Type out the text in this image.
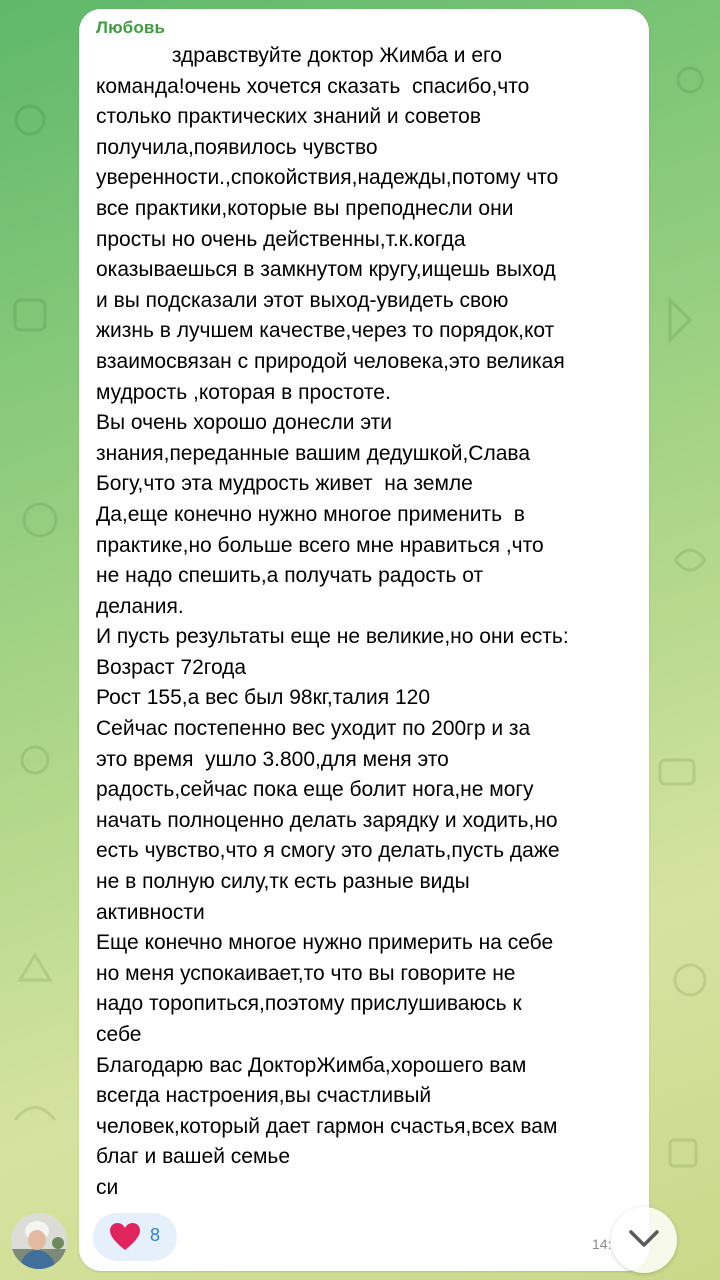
Любовь
здравствуйте доктор Жимба и его
команда!очень хочется сказать  спасибо,что
столько практических знаний и советов
получила,появилось чувство
уверенности.,спокойствия,надежды,потому что
все практики,которые вы преподнесли они
просты но очень действенны,т.к.когда
оказываешься в замкнутом кругу,ищешь выход
и вы подсказали этот выход-увидеть свою
жизнь в лучшем качестве,через то порядок,кот
взаимосвязан с природой человека,это великая
мудрость ,которая в простоте.
Вы очень хорошо донесли эти
знания,переданные вашим дедушкой,Слава
Богу,что эта мудрость живет  на земле
Да,еще конечно нужно многое применить  в
практике,но больше всего мне нравиться ,что
не надо спешить,а получать радость от
делания.
И пусть результаты еще не великие,но они есть:
Возраст 72года
Рост 155,а вес был 98кг,талия 120
Сейчас постепенно вес уходит по 200гр и за
это время  ушло 3.800,для меня это
радость,сейчас пока еще болит нога,не могу
начать полноценно делать зарядку и ходить,но
есть чувство,что я смогу это делать,пусть даже
не в полную силу,тк есть разные виды
активности
Еще конечно многое нужно примерить на себе
но меня успокаивает,то что вы говорите не
надо торопиться,поэтому прислушиваюсь к
себе
Благодарю вас ДокторЖимба,хорошего вам
всегда настроения,вы счастливый
человек,который дает гармон счастья,всех вам
благ и вашей семье
си
8	14:
